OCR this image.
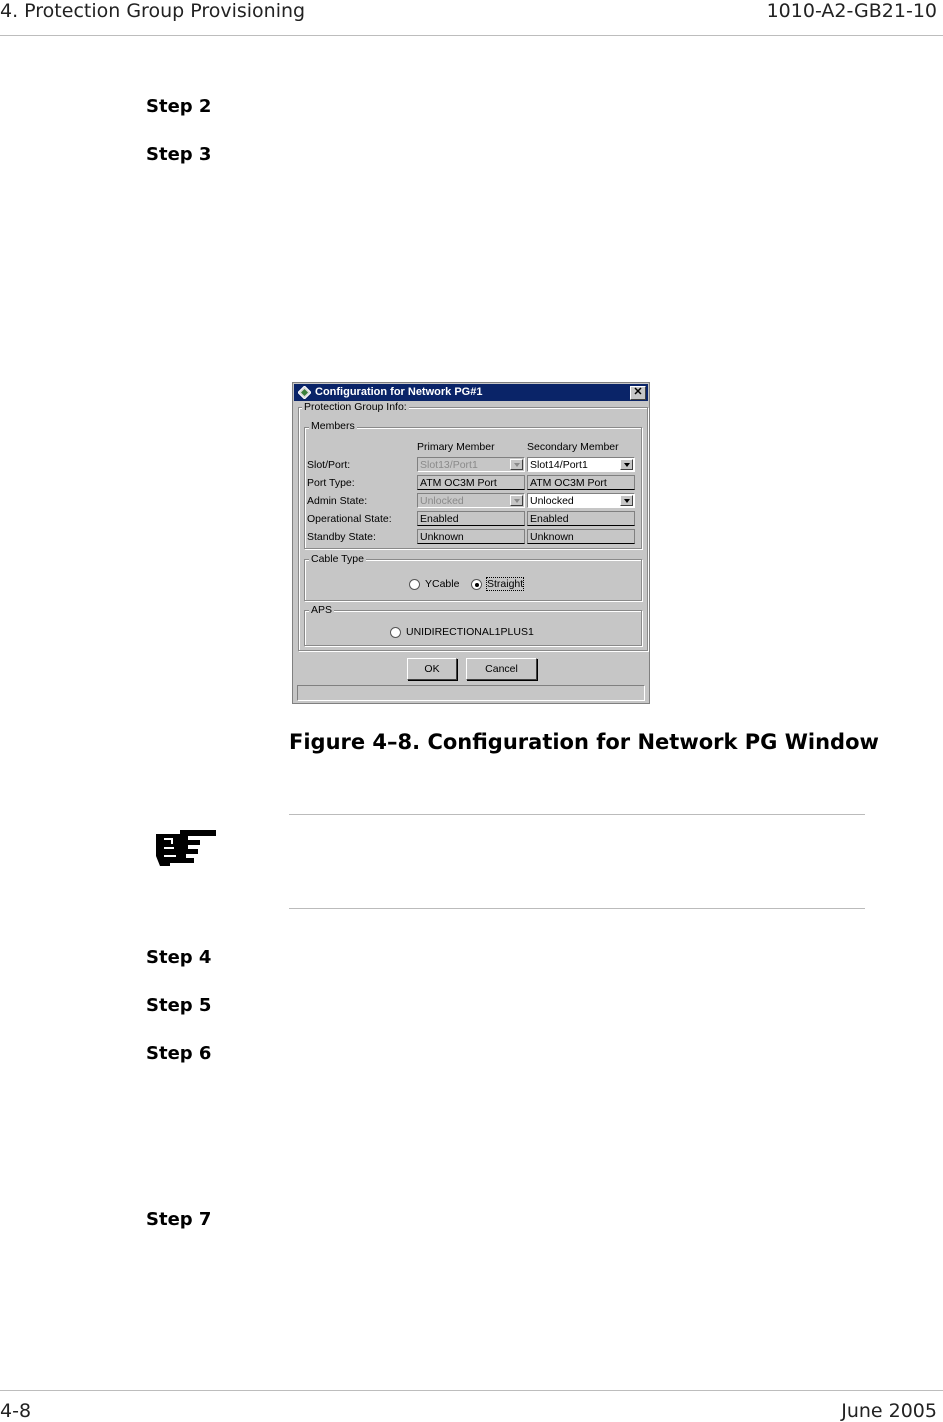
4. Protection Group Provisioning	1010-A2-GB21-10
Step 2
Step 3
Configuration for Network PG#1	✕
Protection Group Info:
Members
Primary Member	Secondary Member
Slot/Port:	Slot13/Port1	Slot14/Port1
Port Type:	ATM OC3M Port	ATM OC3M Port
Admin State:	Unlocked	Unlocked
Operational State:	Enabled	Enabled
Standby State:	Unknown	Unknown
Cable Type
YCable	Straight
APS
UNIDIRECTIONAL1PLUS1
OK	Cancel
Figure 4–8. Configuration for Network PG Window
Step 4
Step 5
Step 6
Step 7
4-8	June 2005
